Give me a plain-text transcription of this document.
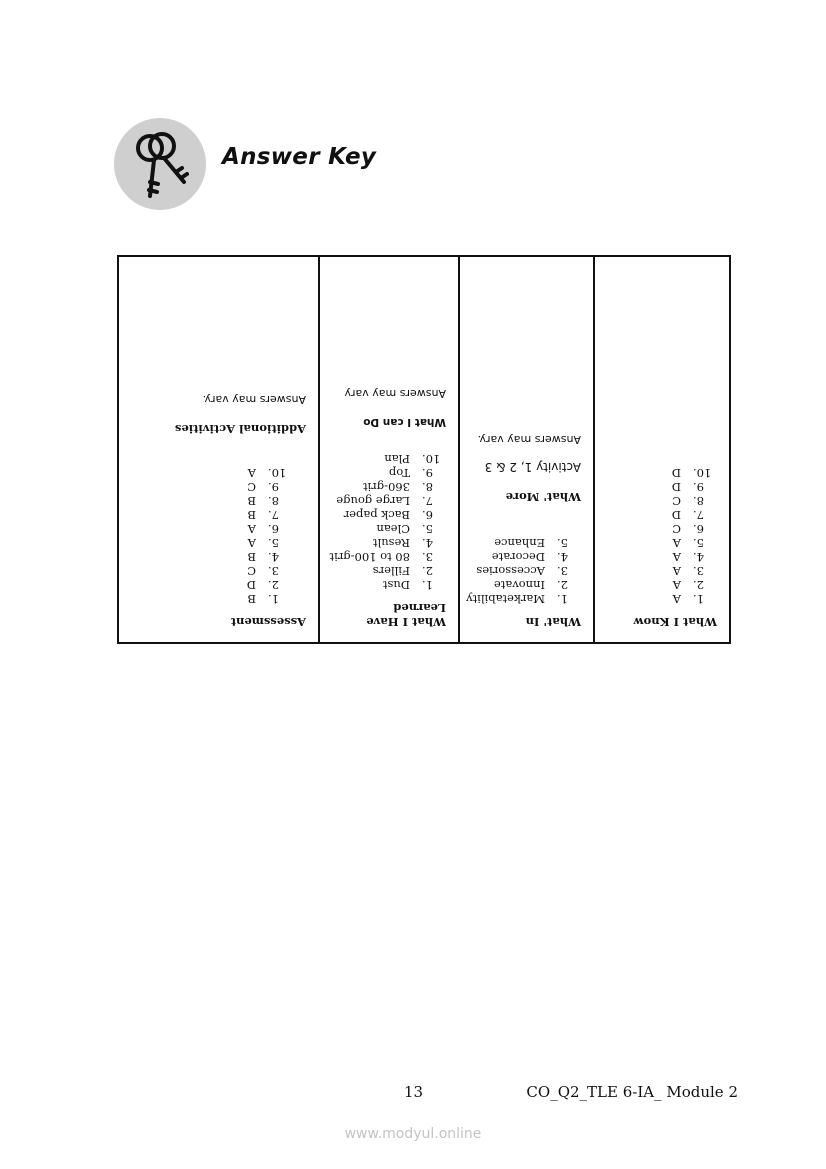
Answer Key
Assessment
1.B
2.D
3.C
4.B
5.A
6.A
7.B
8.B
9.C
10.A
Additional Activities
Answers may vary.
What I Have Learned
1.Dust
2.Fillers
3.80 to 100-grit
4.Result
5.Clean
6.Back paper
7.Large gouge
8.360-grit
9.Top
10.Plan
What I can Do
Answers may vary
What' In
1.Marketability
2.Innovate
3.Accessories
4.Decorate
5.Enhance
What' More
Activity 1, 2 & 3
Answers may vary.
What I Know
1.A
2.A
3.A
4.A
5.A
6.C
7.D
8.C
9.D
10.D
13	CO_Q2_TLE 6-IA_ Module 2
www.modyul.online
